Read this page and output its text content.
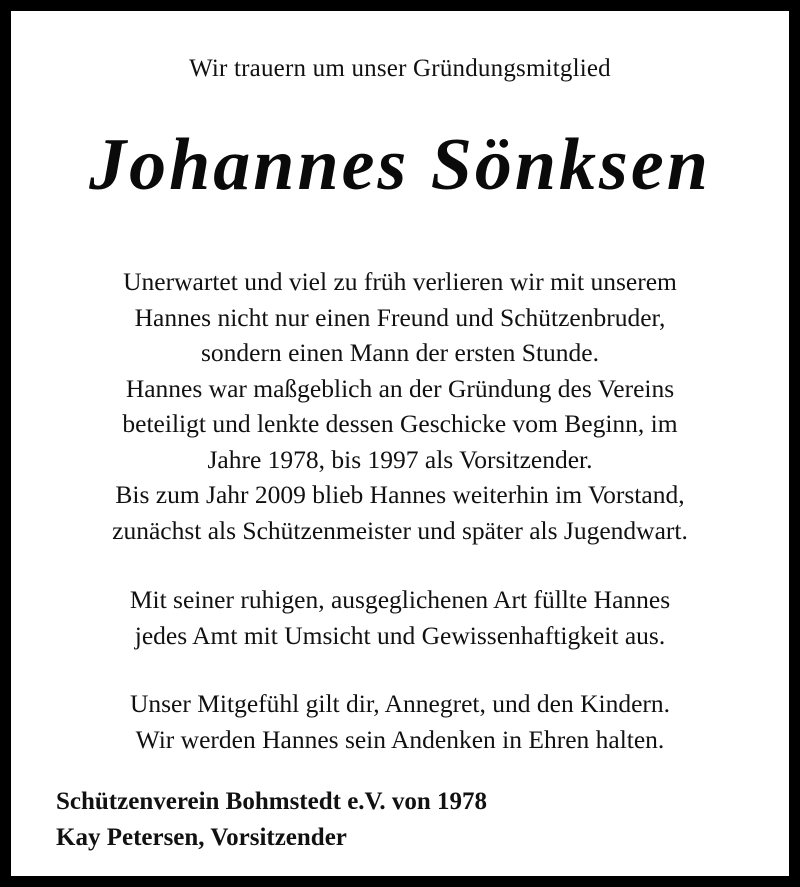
Wir trauern um unser Gründungsmitglied
Johannes Sönksen
Unerwartet und viel zu früh verlieren wir mit unserem
Hannes nicht nur einen Freund und Schützenbruder,
sondern einen Mann der ersten Stunde.
Hannes war maßgeblich an der Gründung des Vereins
beteiligt und lenkte dessen Geschicke vom Beginn, im
Jahre 1978, bis 1997 als Vorsitzender.
Bis zum Jahr 2009 blieb Hannes weiterhin im Vorstand,
zunächst als Schützenmeister und später als Jugendwart.
Mit seiner ruhigen, ausgeglichenen Art füllte Hannes
jedes Amt mit Umsicht und Gewissenhaftigkeit aus.
Unser Mitgefühl gilt dir, Annegret, und den Kindern.
Wir werden Hannes sein Andenken in Ehren halten.
Schützenverein Bohmstedt e.V. von 1978
Kay Petersen, Vorsitzender
